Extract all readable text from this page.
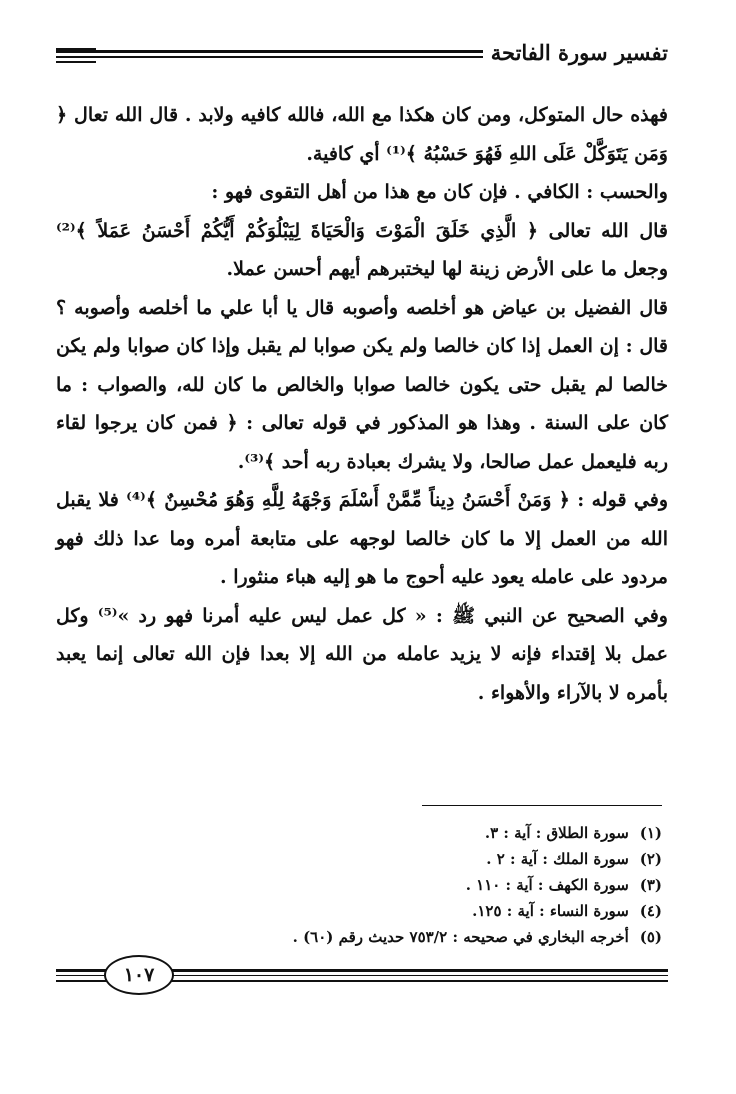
تفسير سورة الفاتحة

فهذه حال المتوكل، ومن كان هكذا مع الله، فالله كافيه ولابد . قال الله تعال ﴿ وَمَن يَتَوَكَّلْ عَلَى اللهِ فَهُوَ حَسْبُهُ ﴾⁽¹⁾ أي كافية.

والحسب : الكافي . فإن كان مع هذا من أهل التقوى فهو :

قال الله تعالى ﴿ الَّذِي خَلَقَ الْمَوْتَ وَالْحَيَاةَ لِيَبْلُوَكُمْ أَيُّكُمْ أَحْسَنُ عَمَلاً ﴾⁽²⁾ وجعل ما على الأرض زينة لها ليختبرهم أيهم أحسن عملا.

قال الفضيل بن عياض هو أخلصه وأصوبه قال يا أبا علي ما أخلصه وأصوبه ؟ قال : إن العمل إذا كان خالصا ولم يكن صوابا لم يقبل وإذا كان صوابا ولم يكن خالصا لم يقبل حتى يكون خالصا صوابا والخالص ما كان لله، والصواب : ما كان على السنة . وهذا هو المذكور في قوله تعالى : ﴿ فمن كان يرجوا لقاء ربه فليعمل عمل صالحا، ولا يشرك بعبادة ربه أحد ﴾⁽³⁾.

وفي قوله : ﴿ وَمَنْ أَحْسَنُ دِيناً مِّمَّنْ أَسْلَمَ وَجْهَهُ لِلَّهِ وَهُوَ مُحْسِنٌ ﴾⁽⁴⁾ فلا يقبل الله من العمل إلا ما كان خالصا لوجهه على متابعة أمره وما عدا ذلك فهو مردود على عامله يعود عليه أحوج ما هو إليه هباء منثورا .

وفي الصحيح عن النبي ﷺ : « كل عمل ليس عليه أمرنا فهو رد »⁽⁵⁾ وكل عمل بلا إقتداء فإنه لا يزيد عامله من الله إلا بعدا فإن الله تعالى إنما يعبد بأمره لا بالآراء والأهواء .

(١) سورة الطلاق : آية : ٣.

(٢) سورة الملك : آية : ٢ .

(٣) سورة الكهف : آية : ١١٠ .

(٤) سورة النساء : آية : ١٢٥.

(٥) أخرجه البخاري في صحيحه : ٧٥٣/٢ حديث رقم (٦٠) .

١٠٧
